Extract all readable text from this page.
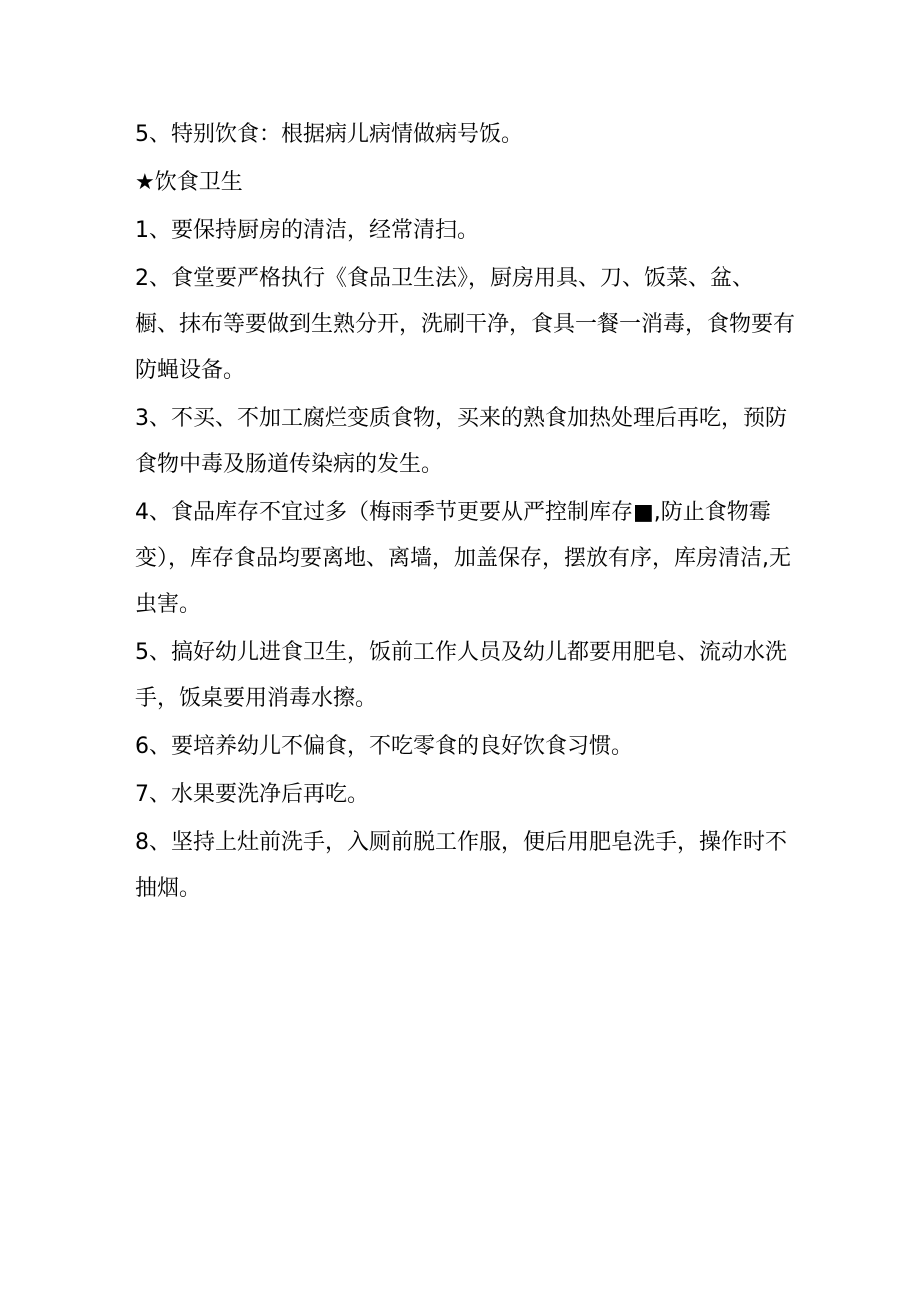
5、特别饮食：根据病儿病情做病号饭。

★饮食卫生

1、要保持厨房的清洁，经常清扫。

2、食堂要严格执行《食品卫生法》，厨房用具、刀、饭菜、盆、橱、抹布等要做到生熟分开，洗刷干净，食具一餐一消毒，食物要有防蝇设备。

3、不买、不加工腐烂变质食物，买来的熟食加热处理后再吃，预防食物中毒及肠道传染病的发生。

4、食品库存不宜过多（梅雨季节更要从严控制库存■,防止食物霉变），库存食品均要离地、离墙，加盖保存，摆放有序，库房清洁,无虫害。

5、搞好幼儿进食卫生，饭前工作人员及幼儿都要用肥皂、流动水洗手，饭桌要用消毒水擦。

6、要培养幼儿不偏食，不吃零食的良好饮食习惯。

7、水果要洗净后再吃。

8、坚持上灶前洗手，入厕前脱工作服，便后用肥皂洗手，操作时不抽烟。
